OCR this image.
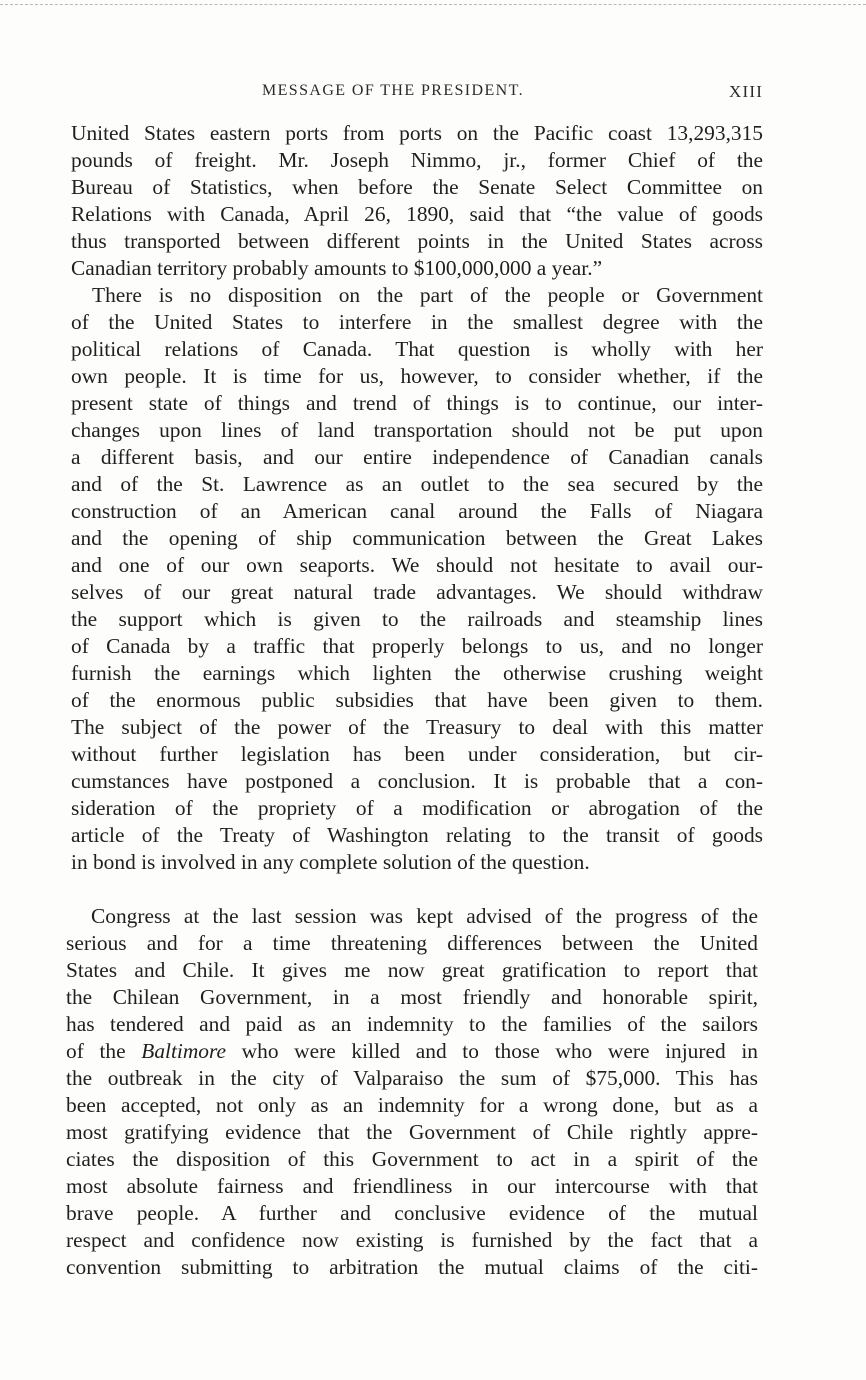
MESSAGE OF THE PRESIDENT.	XIII
United States eastern ports from ports on the Pacific coast 13,293,315
pounds of freight. Mr. Joseph Nimmo, jr., former Chief of the
Bureau of Statistics, when before the Senate Select Committee on
Relations with Canada, April 26, 1890, said that “the value of goods
thus transported between different points in the United States across
Canadian territory probably amounts to $100,000,000 a year.”
There is no disposition on the part of the people or Government
of the United States to interfere in the smallest degree with the
political relations of Canada. That question is wholly with her
own people. It is time for us, however, to consider whether, if the
present state of things and trend of things is to continue, our inter-
changes upon lines of land transportation should not be put upon
a different basis, and our entire independence of Canadian canals
and of the St. Lawrence as an outlet to the sea secured by the
construction of an American canal around the Falls of Niagara
and the opening of ship communication between the Great Lakes
and one of our own seaports. We should not hesitate to avail our-
selves of our great natural trade advantages. We should withdraw
the support which is given to the railroads and steamship lines
of Canada by a traffic that properly belongs to us, and no longer
furnish the earnings which lighten the otherwise crushing weight
of the enormous public subsidies that have been given to them.
The subject of the power of the Treasury to deal with this matter
without further legislation has been under consideration, but cir-
cumstances have postponed a conclusion. It is probable that a con-
sideration of the propriety of a modification or abrogation of the
article of the Treaty of Washington relating to the transit of goods
in bond is involved in any complete solution of the question.
Congress at the last session was kept advised of the progress of the
serious and for a time threatening differences between the United
States and Chile. It gives me now great gratification to report that
the Chilean Government, in a most friendly and honorable spirit,
has tendered and paid as an indemnity to the families of the sailors
of the Baltimore who were killed and to those who were injured in
the outbreak in the city of Valparaiso the sum of $75,000. This has
been accepted, not only as an indemnity for a wrong done, but as a
most gratifying evidence that the Government of Chile rightly appre-
ciates the disposition of this Government to act in a spirit of the
most absolute fairness and friendliness in our intercourse with that
brave people. A further and conclusive evidence of the mutual
respect and confidence now existing is furnished by the fact that a
convention submitting to arbitration the mutual claims of the citi-
